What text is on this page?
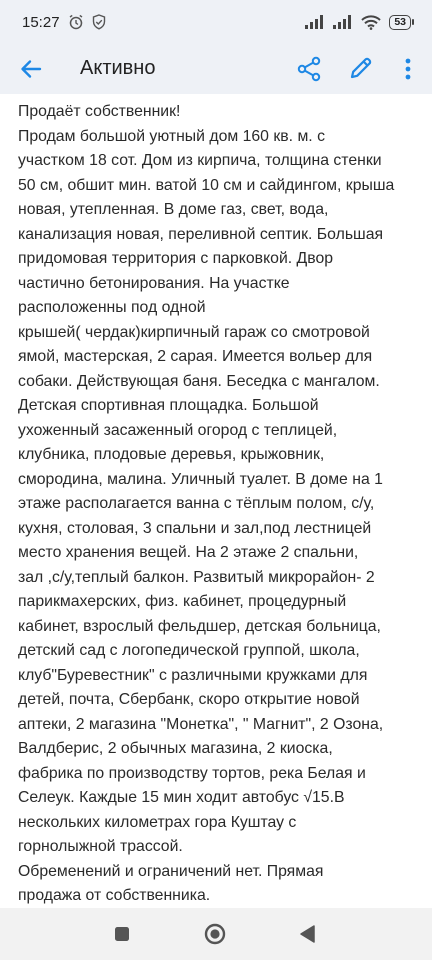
15:27	53
Активно
Продаёт собственник!
Продам большой уютный дом 160 кв. м. с
участком 18 сот. Дом из кирпича, толщина стенки
50 см, обшит мин. ватой 10 см и сайдингом, крыша
новая, утепленная. В доме газ, свет, вода,
канализация новая, переливной септик. Большая
придомовая территория с парковкой. Двор
частично бетонирования. На участке
расположенны под одной
крышей( чердак)кирпичный гараж со смотровой
ямой, мастерская, 2 сарая. Имеется вольер для
собаки. Действующая баня. Беседка с мангалом.
Детская спортивная площадка. Большой
ухоженный засаженный огород с теплицей,
клубника, плодовые деревья, крыжовник,
смородина, малина. Уличный туалет. В доме на 1
этаже располагается ванна с тёплым полом, с/у,
кухня, столовая, 3 спальни и зал,под лестницей
место хранения вещей. На 2 этаже 2 спальни,
зал ,с/у,теплый балкон. Развитый микрорайон- 2
парикмахерских, физ. кабинет, процедурный
кабинет, взрослый фельдшер, детская больница,
детский сад с логопедической группой, школа,
клуб"Буревестник" с различными кружками для
детей, почта, Сбербанк, скоро открытие новой
аптеки, 2 магазина "Монетка", " Магнит", 2 Озона,
Валдберис, 2 обычных магазина, 2 киоска,
фабрика по производству тортов, река Белая и
Селеук. Каждые 15 мин ходит автобус √15.В
нескольких километрах гора Куштау с
горнолыжной трассой.
Обременений и ограничений нет. Прямая
продажа от собственника.
